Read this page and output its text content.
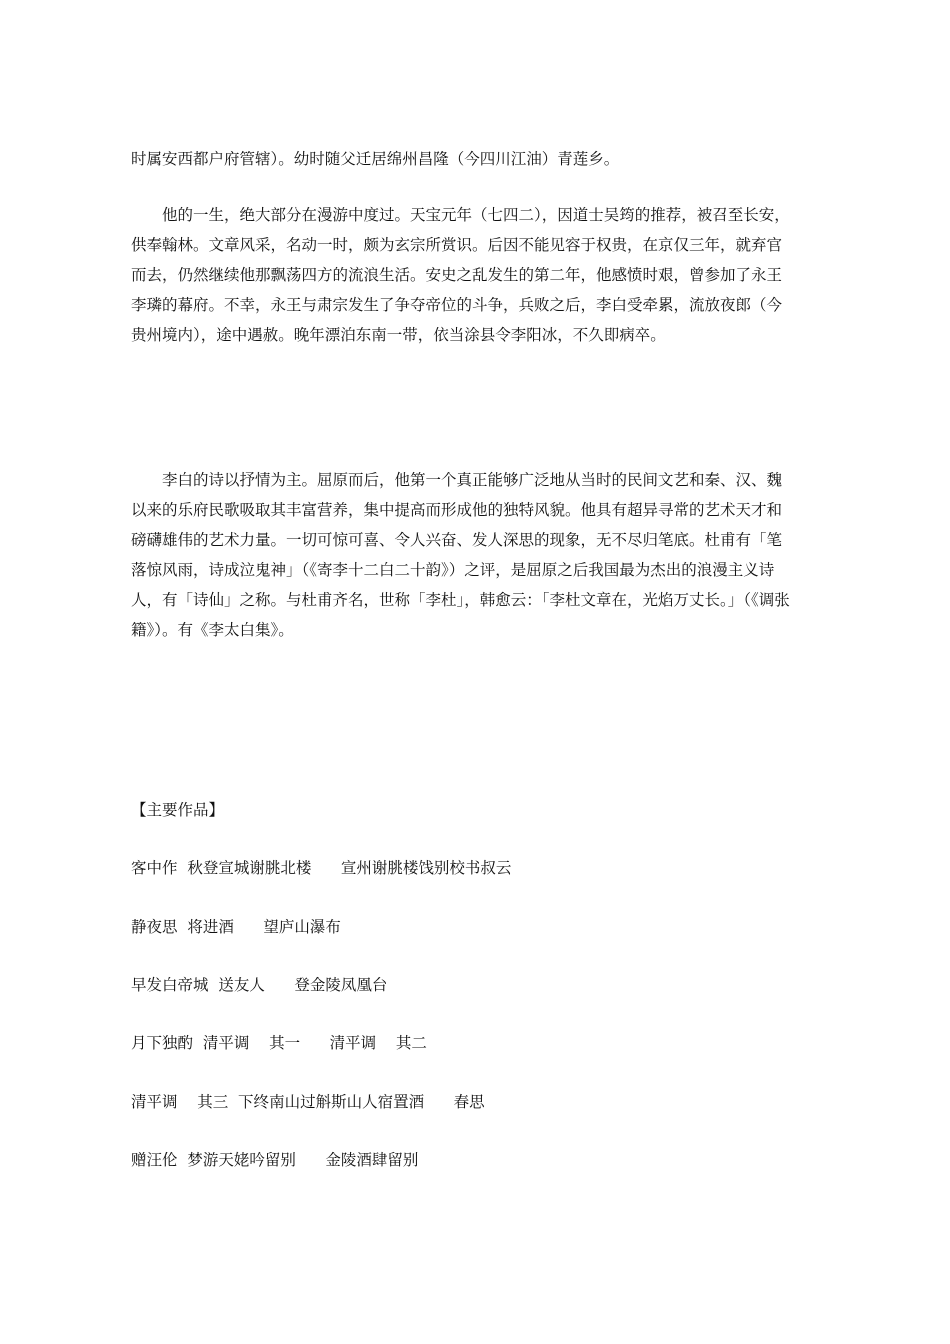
时属安西都户府管辖）。幼时随父迁居绵州昌隆（今四川江油）青莲乡。

他的一生，绝大部分在漫游中度过。天宝元年（七四二），因道士吴筠的推荐，被召至长安，供奉翰林。文章风采，名动一时，颇为玄宗所赏识。后因不能见容于权贵，在京仅三年，就弃官而去，仍然继续他那飘荡四方的流浪生活。安史之乱发生的第二年，他感愤时艰，曾参加了永王李璘的幕府。不幸，永王与肃宗发生了争夺帝位的斗争，兵败之后，李白受牵累，流放夜郎（今贵州境内），途中遇赦。晚年漂泊东南一带，依当涂县令李阳冰，不久即病卒。

李白的诗以抒情为主。屈原而后，他第一个真正能够广泛地从当时的民间文艺和秦、汉、魏以来的乐府民歌吸取其丰富营养，集中提高而形成他的独特风貌。他具有超异寻常的艺术天才和磅礴雄伟的艺术力量。一切可惊可喜、令人兴奋、发人深思的现象，无不尽归笔底。杜甫有「笔落惊风雨，诗成泣鬼神」（《寄李十二白二十韵》）之评，是屈原之后我国最为杰出的浪漫主义诗人，有「诗仙」之称。与杜甫齐名，世称「李杜」，韩愈云：「李杜文章在，光焰万丈长。」（《调张籍》）。有《李太白集》。

【主要作品】

客中作  秋登宣城谢朓北楼      宣州谢朓楼饯别校书叔云

静夜思  将进酒      望庐山瀑布

早发白帝城  送友人      登金陵凤凰台

月下独酌  清平调    其一      清平调    其二

清平调    其三  下终南山过斛斯山人宿置酒      春思

赠汪伦  梦游天姥吟留别      金陵酒肆留别
